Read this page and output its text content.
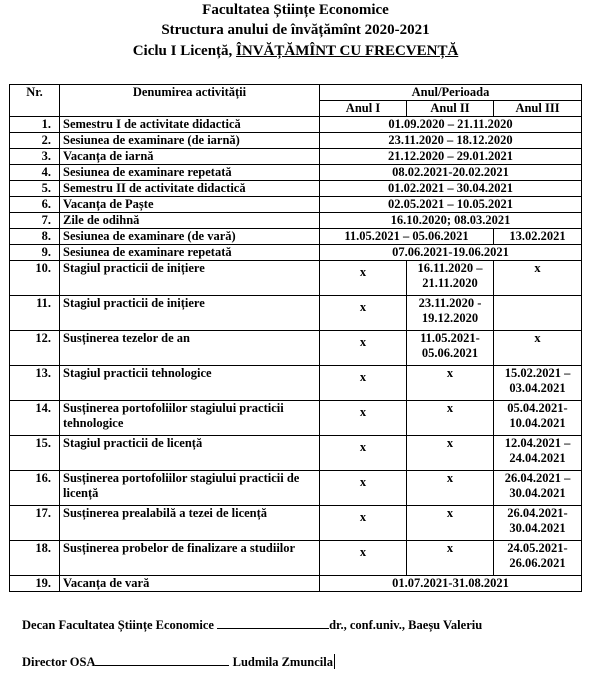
Facultatea Științe Economice
Structura anului de învățămînt 2020-2021
Ciclu I Licență, ÎNVĂȚĂMÎNT CU FRECVENȚĂ
Nr.	Denumirea activității	Anul/Perioada		
		Anul I	Anul II	Anul III
1.	Semestru I de activitate didactică	01.09.2020 – 21.11.2020		
2.	Sesiunea de examinare (de iarnă)	23.11.2020 – 18.12.2020		
3.	Vacanța de iarnă	21.12.2020 – 29.01.2021		
4.	Sesiunea de examinare repetată	08.02.2021-20.02.2021		
5.	Semestru II de activitate didactică	01.02.2021 – 30.04.2021		
6.	Vacanța de Paște	02.05.2021 – 10.05.2021		
7.	Zile de odihnă	16.10.2020; 08.03.2021		
8.	Sesiunea de examinare (de vară)	11.05.2021 – 05.06.2021		13.02.2021
9.	Sesiunea de examinare repetată	07.06.2021-19.06.2021		
10.	Stagiul practicii de inițiere	x	16.11.2020 – 21.11.2020	x
11.	Stagiul practicii de inițiere	x	23.11.2020 - 19.12.2020	
12.	Susținerea tezelor de an	x	11.05.2021- 05.06.2021	x
13.	Stagiul practicii tehnologice	x	x	15.02.2021 – 03.04.2021
14.	Susținerea portofoliilor stagiului practicii tehnologice	x	x	05.04.2021- 10.04.2021
15.	Stagiul practicii de licență	x	x	12.04.2021 – 24.04.2021
16.	Susținerea portofoliilor stagiului practicii de licență	x	x	26.04.2021 – 30.04.2021
17.	Susținerea prealabilă a tezei de licență	x	x	26.04.2021- 30.04.2021
18.	Susținerea probelor de finalizare a studiilor	x	x	24.05.2021- 26.06.2021
19.	Vacanța de vară	01.07.2021-31.08.2021		
Decan Facultatea Științe Economice	dr., conf.univ., Baeșu Valeriu
Director OSA	Ludmila Zmuncila
